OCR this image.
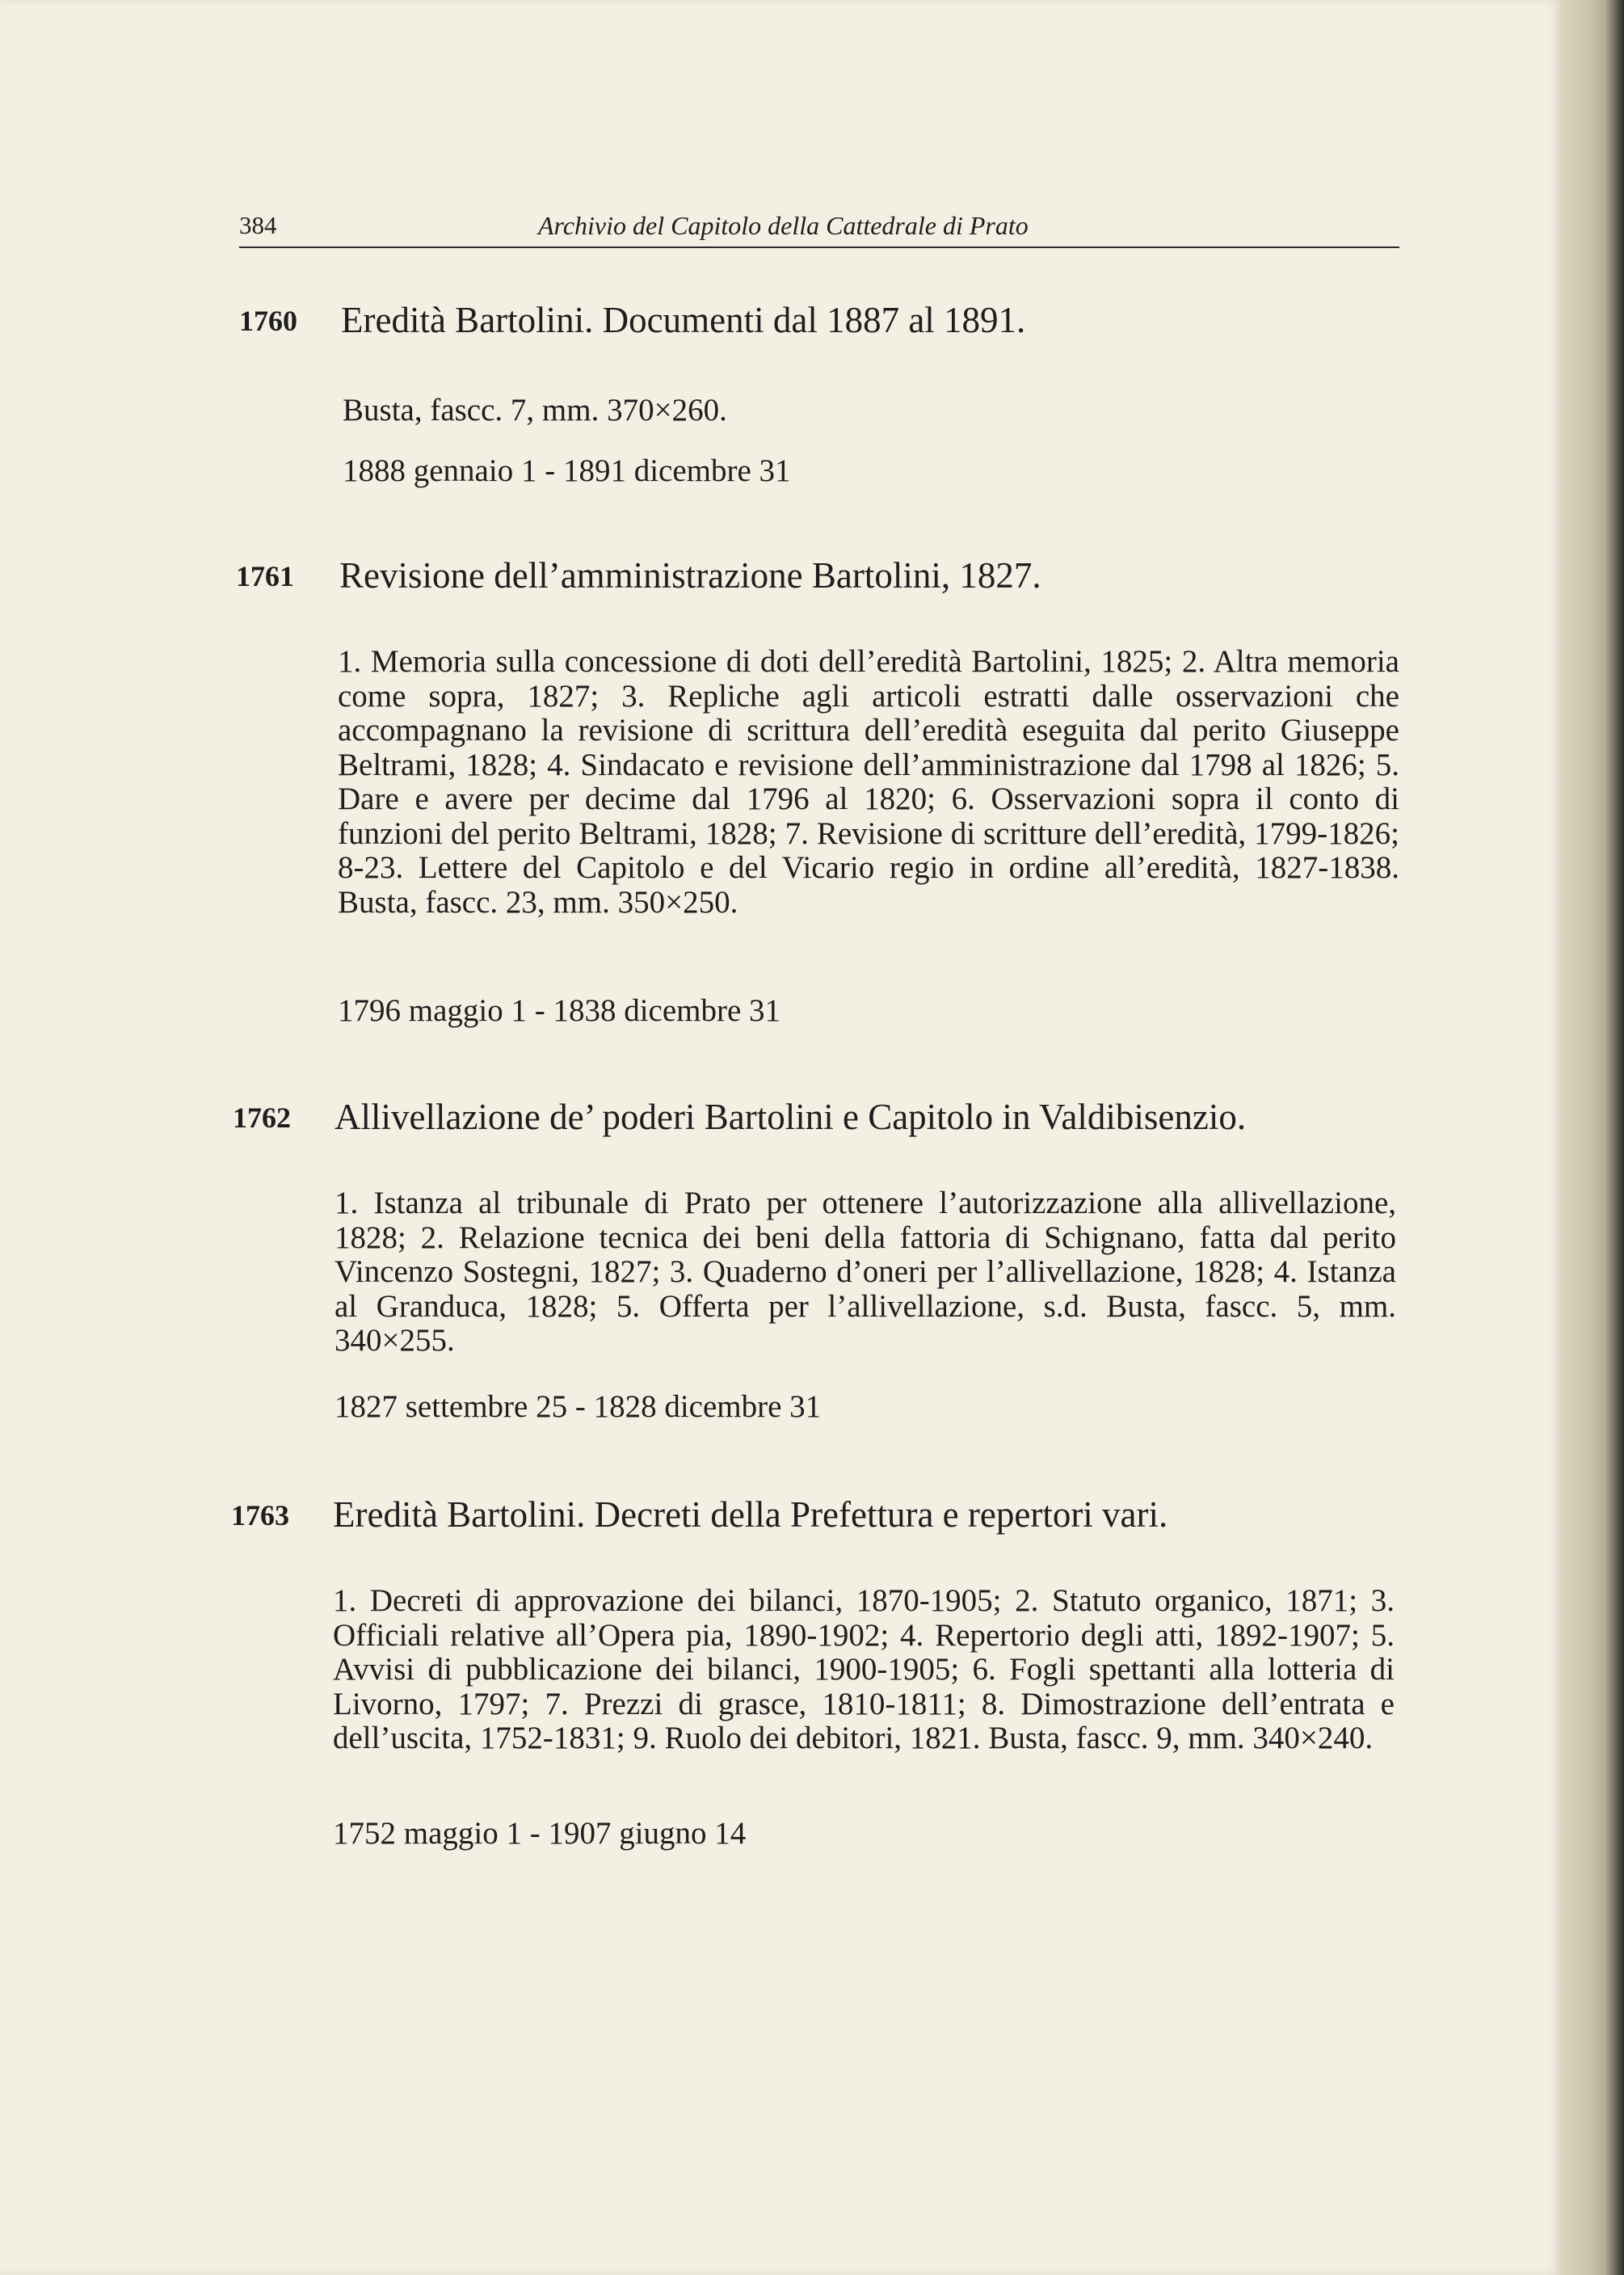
384	Archivio del Capitolo della Cattedrale di Prato
1760 Eredità Bartolini. Documenti dal 1887 al 1891.
Busta, fascc. 7, mm. 370×260.
1888 gennaio 1 - 1891 dicembre 31
1761 Revisione dell’amministrazione Bartolini, 1827.
1. Memoria sulla concessione di doti dell’eredità Bartolini, 1825; 2. Altra memoria come sopra, 1827; 3. Repliche agli articoli estratti dalle osservazioni che accompagnano la revisione di scrittura dell’eredità eseguita dal perito Giuseppe Beltrami, 1828; 4. Sindacato e revisione dell’amministrazione dal 1798 al 1826; 5. Dare e avere per decime dal 1796 al 1820; 6. Osservazioni sopra il conto di funzioni del perito Beltrami, 1828; 7. Revisione di scritture dell’eredità, 1799-1826; 8-23. Lettere del Capitolo e del Vicario regio in ordine all’eredità, 1827-1838. Busta, fascc. 23, mm. 350×250.
1796 maggio 1 - 1838 dicembre 31
1762 Allivellazione de’ poderi Bartolini e Capitolo in Valdibisenzio.
1. Istanza al tribunale di Prato per ottenere l’autorizzazione alla allivellazione, 1828; 2. Relazione tecnica dei beni della fattoria di Schignano, fatta dal perito Vincenzo Sostegni, 1827; 3. Quaderno d’oneri per l’allivellazione, 1828; 4. Istanza al Granduca, 1828; 5. Offerta per l’allivellazione, s.d. Busta, fascc. 5, mm. 340×255.
1827 settembre 25 - 1828 dicembre 31
1763 Eredità Bartolini. Decreti della Prefettura e repertori vari.
1. Decreti di approvazione dei bilanci, 1870-1905; 2. Statuto organico, 1871; 3. Officiali relative all’Opera pia, 1890-1902; 4. Repertorio degli atti, 1892-1907; 5. Avvisi di pubblicazione dei bilanci, 1900-1905; 6. Fogli spettanti alla lotteria di Livorno, 1797; 7. Prezzi di grasce, 1810-1811; 8. Dimostrazione dell’entrata e dell’uscita, 1752-1831; 9. Ruolo dei debitori, 1821. Busta, fascc. 9, mm. 340×240.
1752 maggio 1 - 1907 giugno 14
